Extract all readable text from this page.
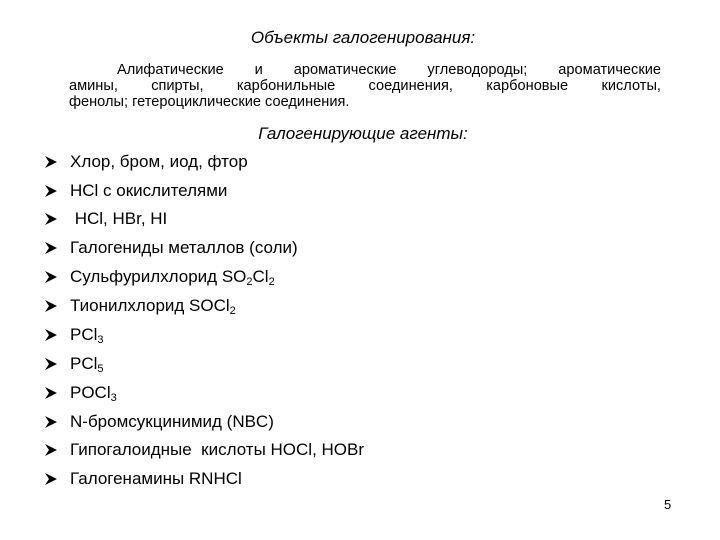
Объекты галогенирования:
Алифатические и ароматические углеводороды; ароматические
амины, спирты, карбонильные соединения, карбоновые кислоты,
фенолы; гетероциклические соединения.
Галогенирующие агенты:
Хлор, бром, иод, фтор
HCl с окислителями
HCl, HBr, HI
Галогениды металлов (соли)
Сульфурилхлорид $SO_2Cl_2$
Тионилхлорид SOCl$_2$
PCl$_3$
PCl$_5$
POCl$_3$
N-бромсукцинимид (NBC)
Гипогалоидные  кислоты HOCl, HOBr
Галогенамины RNHCl
5
